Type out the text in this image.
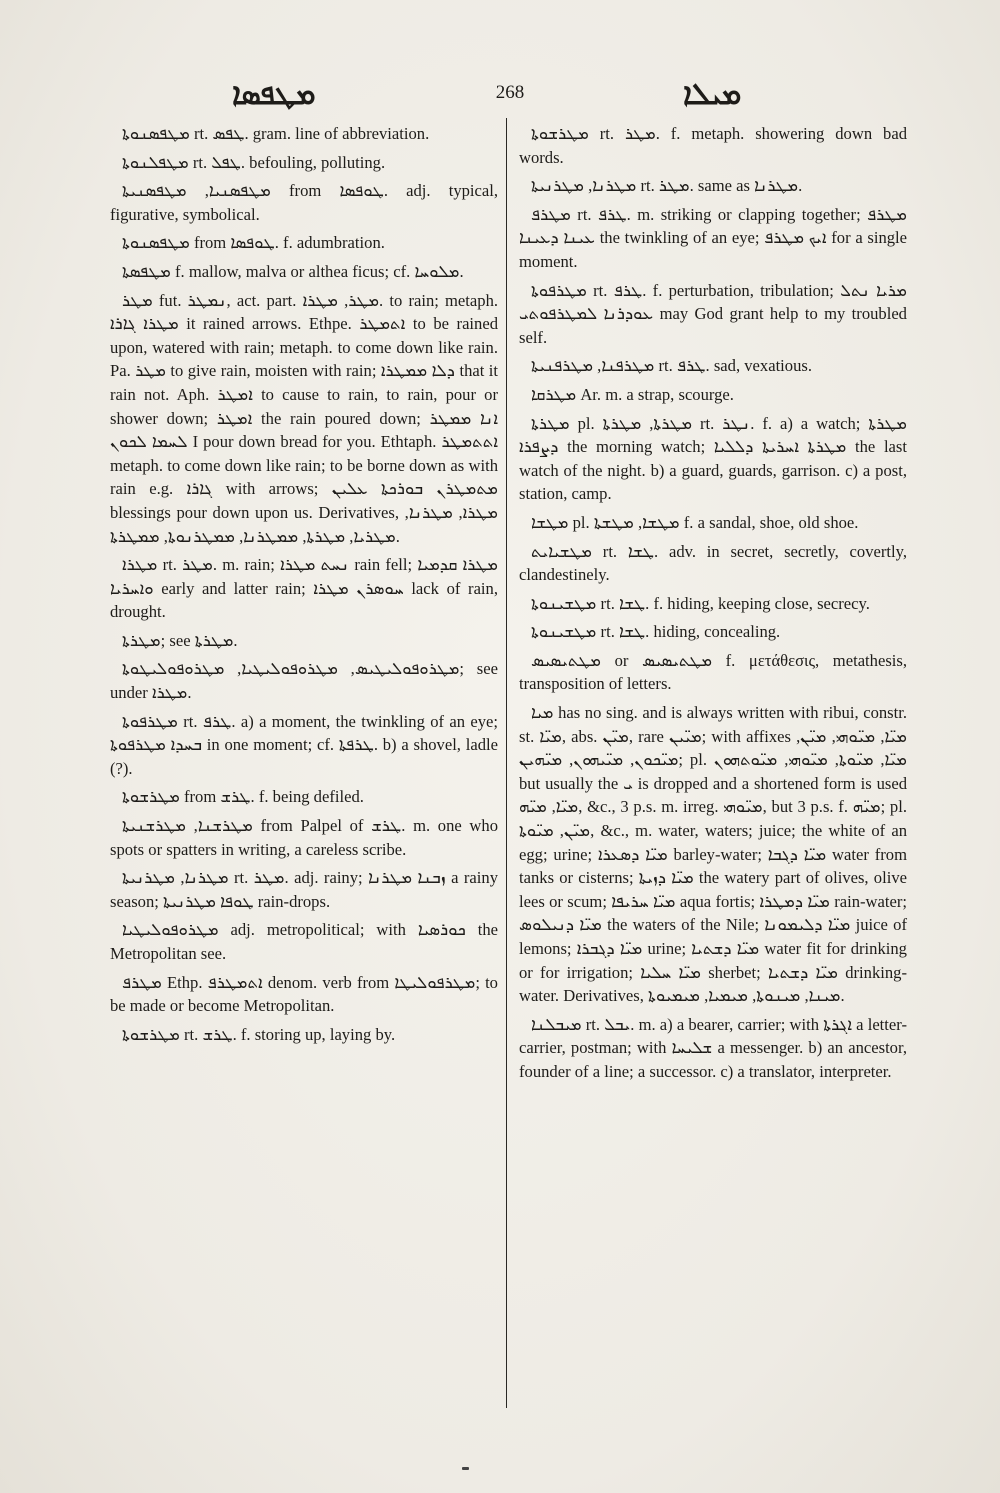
ܡܛܦܣܐ	268	ܡܝܠܐ

ܡܛܦܣܢܘܬܐ rt. ܛܦܣ. gram. line of abbreviation.

ܡܛܦܠܢܘܬܐ rt. ܛܦܠ. befouling, polluting.

ܡܛܦܣܢܝܐ, ܡܛܦܣܢܝܬܐ from ܛܘܦܣܐ. adj. typical, figurative, symbolical.

ܡܛܦܣܢܘܬܐ from ܛܘܦܣܐ. f. adumbration.

ܡܛܦܣܬܐ f. mallow, malva or althea ficus; cf. ܡܠܘܚܐ.

ܡܛܪ fut. ܢܡܛܪ, act. part. ܡܛܪ, ܡܛܪܐ. to rain; metaph. ܡܛܪܐ ܓܐܪܐ it rained arrows. Ethpe. ܐܬܡܛܪ to be rained upon, watered with rain; metaph. to come down like rain. Pa. ܡܛܪ to give rain, moisten with rain; ܕܠܐ ܡܡܛܪܐ that it rain not. Aph. ܐܡܛܪ to cause to rain, to rain, pour or shower down; ܐܡܛܪ the rain poured down; ܐܢܐ ܡܡܛܪ ܠܚܡܐ ܠܟܘܢ I pour down bread for you. Ethtaph. ܐܬܬܡܛܪ metaph. to come down like rain; to be borne down as with rain e.g. ܓܐܪܐ with arrows; ܡܬܡܛܪܢ ܒܘܪܟܬܐ ܥܠܝܢ blessings pour down upon us. Derivatives, ܡܛܪܐ, ܡܛܪܢܐ, ܡܛܪܝܐ, ܡܛܪܬܐ, ܡܡܛܪܢܐ, ܡܡܛܪܢܘܬܐ, ܡܡܛܪܬܐ.

ܡܛܪܐ rt. ܡܛܪ. m. rain; ܢܚܬ ܡܛܪܐ rain fell; ܡܛܪܐ ܩܕܡܝܐ ܘܐܚܪܝܐ early and latter rain; ܚܘܣܪܢ ܡܛܪܐ lack of rain, drought.

ܡܛܪܬܐ; see ܡܛܪܬܐ.

ܡܛܪܘܦܘܠܝܛܝܣ, ܡܛܪܘܦܘܠܝܛܝܐ, ܡܛܪܘܦܘܠܝܛܘܬܐ; see under ܡܛܪܐ.

ܡܛܪܦܘܬܐ rt. ܛܪܦ. a) a moment, the twinkling of an eye; ܒܚܕܐ ܡܛܪܦܘܬܐ in one moment; cf. ܛܪܦܬܐ. b) a shovel, ladle (?).

ܡܛܪܫܘܬܐ from ܛܪܫ. f. being defiled.

ܡܛܪܫܢܐ, ܡܛܪܫܢܝܬܐ from Palpel of ܛܪܫ. m. one who spots or spatters in writing, a careless scribe.

ܡܛܪܢܐ, ܡܛܪܢܝܬܐ rt. ܡܛܪ. adj. rainy; ܙܒܢܐ ܡܛܪܢܐ a rainy season; ܛܘܦܐ ܡܛܪܢܝܬܐ rain-drops.

ܡܛܪܘܦܘܠܝܛܝܐ adj. metropolitical; with ܟܘܪܣܝܐ the Metropolitan see.

ܡܛܪܦ Ethp. ܐܬܡܛܪܦ denom. verb from ܡܛܪܦܘܠܝܛܐ; to be made or become Metropolitan.

ܡܛܪܫܘܬܐ rt. ܛܪܫ. f. storing up, laying by.

ܡܛܪܫܘܬܐ rt. ܡܛܪ. f. metaph. showering down bad words.

ܡܛܪܢܐ, ܡܛܪܢܝܬܐ rt. ܡܛܪ. same as ܡܛܪܢܐ.

ܡܛܪܦ rt. ܛܪܦ. m. striking or clapping together; ܡܛܪܦ ܥܝܢܐ ܕܥܝܢܐ the twinkling of an eye; ܐܝܟ ܡܛܪܦ for a single moment.

ܡܛܪܦܘܬܐ rt. ܛܪܦ. f. perturbation, tribulation; ܡܪܝܐ ܢܬܠ ܥܘܕܪܢܐ ܠܡܛܪܦܘܬܝ may God grant help to my troubled self.

ܡܛܪܦܢܐ, ܡܛܪܦܢܝܬܐ rt. ܛܪܦ. sad, vexatious.

ܡܛܪܩܐ Ar. m. a strap, scourge.

ܡܛܪܬܐ pl. ܡܛܪܬܐ, ܡܛܪܬܐ rt. ܢܛܪ. f. a) a watch; ܡܛܪܬܐ ܕܨܦܪܐ the morning watch; ܡܛܪܬܐ ܐܚܪܝܬܐ ܕܠܠܝܐ the last watch of the night. b) a guard, guards, garrison. c) a post, station, camp.

ܡܛܫܐ pl. ܡܛܫܐ, ܡܛܫܬܐ f. a sandal, shoe, old shoe.

ܡܛܫܝܐܝܬ rt. ܛܫܐ. adv. in secret, secretly, covertly, clandestinely.

ܡܛܫܝܢܘܬܐ rt. ܛܫܐ. f. hiding, keeping close, secrecy.

ܡܛܫܝܢܘܬܐ rt. ܛܫܐ. hiding, concealing.

ܡܛܬܝܣܝܣ or ܡܛܬܝܣܝܣ f. μετάθεσις, metathesis, transposition of letters.

ܡܝܐ has no sing. and is always written with ribui, constr. st. ܡܝ̈ܐ, abs. ܡܝ̈ܢ, rare ܡܝ̈ܝܢ; with affixes ܡܝ̈ܐ, ܡܝ̈ܘܗܝ, ܡܝ̈ܢ, ܡܝ̈ܟܘܢ, ܡܝ̈ܝܗܘܢ, ܡܝ̈ܗܝܢ; pl. ܡܝ̈ܐ, ܡܝ̈ܘܬܐ, ܡܝ̈ܘܗܝ, ܡܝ̈ܘܬܗܘܢ but usually the ܝ is dropped and a shortened form is used ܡܝ̈ܐ, ܡܝ̈ܗ, &c., 3 p.s. m. irreg. ܡܝ̈ܘܗܝ, but 3 p.s. f. ܡܝ̈ܗ; pl. ܡܝ̈ܢ, ܡܝ̈ܘܬܐ, &c., m. water, waters; juice; the white of an egg; urine; ܡܝ̈ܐ ܕܣܥܪܐ barley-water; ܡܝ̈ܐ ܕܓܒܐ water from tanks or cisterns; ܡܝ̈ܐ ܕܙܝܬܐ the watery part of olives, olive lees or scum; ܡܝ̈ܐ ܚܪܝܦܐ aqua fortis; ܡܝ̈ܐ ܕܡܛܪܐ rain-water; ܡܝ̈ܐ ܕܢܝܠܘܣ the waters of the Nile; ܡܝ̈ܐ ܕܠܝܡܘܢܐ juice of lemons; ܡܝ̈ܐ ܕܓܒܪܐ urine; ܡܝ̈ܐ ܕܫܬܝܐ water fit for drinking or for irrigation; ܡܝ̈ܐ ܚܠܝܐ sherbet; ܡܝ̈ܐ ܕܫܬܝܐ drinking-water. Derivatives, ܡܝܢܐ, ܡܝܢܘܬܐ, ܡܝܡܝܐ, ܡܝܡܝܘܬܐ.

ܡܝܒܠܢܐ rt. ܝܒܠ. m. a) a bearer, carrier; with ܐܓܪܬܐ a letter-carrier, postman; with ܫܠܝܚܐ a messenger. b) an ancestor, founder of a line; a successor. c) a translator, interpreter.
